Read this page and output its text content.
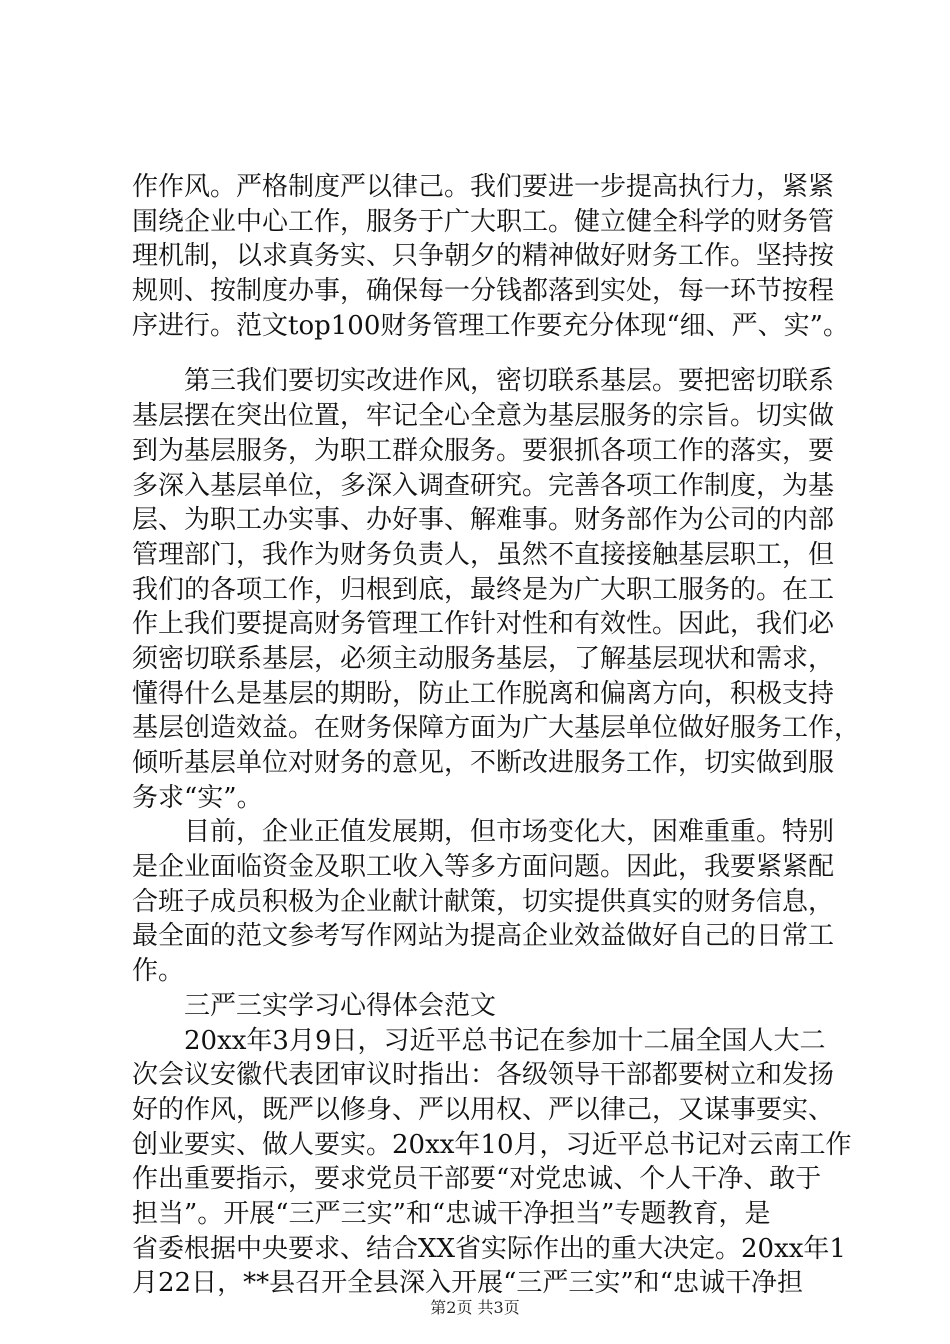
作作风。严格制度严以律己。我们要进一步提高执行力，紧紧
围绕企业中心工作，服务于广大职工。健立健全科学的财务管
理机制，以求真务实、只争朝夕的精神做好财务工作。坚持按
规则、按制度办事，确保每一分钱都落到实处，每一环节按程
序进行。范文top100财务管理工作要充分体现“细、严、实”。
　　第三我们要切实改进作风，密切联系基层。要把密切联系
基层摆在突出位置，牢记全心全意为基层服务的宗旨。切实做
到为基层服务，为职工群众服务。要狠抓各项工作的落实，要
多深入基层单位，多深入调查研究。完善各项工作制度，为基
层、为职工办实事、办好事、解难事。财务部作为公司的内部
管理部门，我作为财务负责人，虽然不直接接触基层职工，但
我们的各项工作，归根到底，最终是为广大职工服务的。在工
作上我们要提高财务管理工作针对性和有效性。因此，我们必
须密切联系基层，必须主动服务基层，了解基层现状和需求，
懂得什么是基层的期盼，防止工作脱离和偏离方向，积极支持
基层创造效益。在财务保障方面为广大基层单位做好服务工作，
倾听基层单位对财务的意见，不断改进服务工作，切实做到服
务求“实”。
　　目前，企业正值发展期，但市场变化大，困难重重。特别
是企业面临资金及职工收入等多方面问题。因此，我要紧紧配
合班子成员积极为企业献计献策，切实提供真实的财务信息，
最全面的范文参考写作网站为提高企业效益做好自己的日常工
作。
　　三严三实学习心得体会范文
　　20xx年3月9日，习近平总书记在参加十二届全国人大二
次会议安徽代表团审议时指出：各级领导干部都要树立和发扬
好的作风，既严以修身、严以用权、严以律己，又谋事要实、
创业要实、做人要实。20xx年10月，习近平总书记对云南工作
作出重要指示，要求党员干部要“对党忠诚、个人干净、敢于
担当”。开展“三严三实”和“忠诚干净担当”专题教育，是
省委根据中央要求、结合XX省实际作出的重大决定。20xx年1
月22日，**县召开全县深入开展“三严三实”和“忠诚干净担
第2页 共3页
